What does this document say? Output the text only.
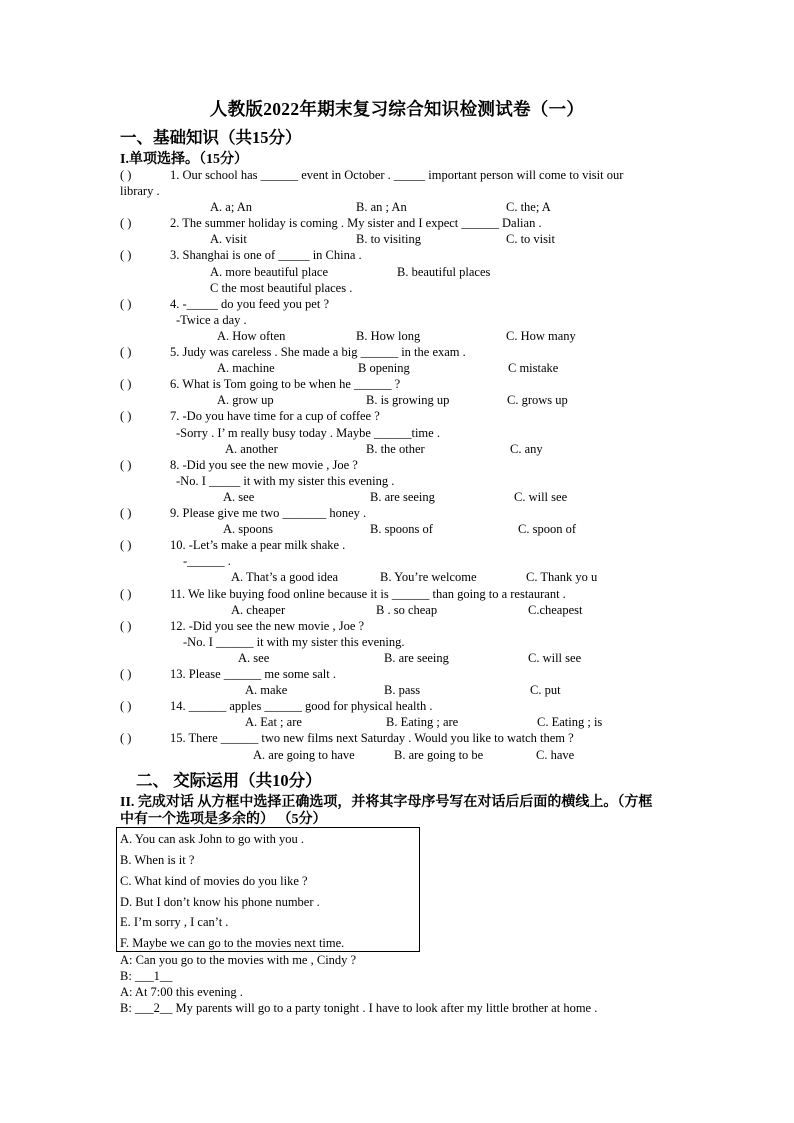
人教版2022年期末复习综合知识检测试卷（一）
一、基础知识（共15分）
I.单项选择。（15分）
( )	1. Our school has ______ event in October . _____ important person will come to visit our
library .
A. a; An	B. an ; An	C. the; A
( )	2. The summer holiday is coming . My sister and I expect ______ Dalian .
A. visit	B. to visiting	C. to visit
( )	3. Shanghai is one of _____ in China .
A. more beautiful place	B. beautiful places
C the most beautiful places .
( )	4. -_____ do you feed you pet ?
-Twice a day .
A. How often	B. How long	C. How many
( )	5. Judy was careless . She made a big ______ in the exam .
A. machine	B opening	C mistake
( )	6. What is Tom going to be when he ______ ?
A. grow up	B. is growing up	C. grows up
( )	7. -Do you have time for a cup of coffee ?
-Sorry . I’ m really busy today . Maybe ______time .
A. another	B. the other	C. any
( )	8. -Did you see the new movie , Joe ?
-No. I _____ it with my sister this evening .
A. see	B. are seeing	C. will see
( )	9. Please give me two _______ honey .
A. spoons	B. spoons of	C. spoon of
( )	10. -Let’s make a pear milk shake .
-______ .
A. That’s a good idea	B. You’re welcome	C. Thank yo u
( )	11. We like buying food online because it is ______ than going to a restaurant .
A. cheaper	B . so cheap	C.cheapest
( )	12. -Did you see the new movie , Joe ?
-No. I ______ it with my sister this evening.
A. see	B. are seeing	C. will see
( )	13. Please ______ me some salt .
A. make	B. pass	C. put
( )	14. ______ apples ______ good for physical health .
A. Eat ; are	B. Eating ; are	C. Eating ; is
( )	15. There ______ two new films next Saturday . Would you like to watch them ?
A. are going to have	B. are going to be	C. have
二、 交际运用（共10分）
II. 完成对话 从方框中选择正确选项，并将其字母序号写在对话后后面的横线上。（方框
中有一个选项是多余的） （5分）
A. You can ask John to go with you .
B. When is it ?
C. What kind of movies do you like ?
D. But I don’t know his phone number .
E. I’m sorry , I can’t .
F. Maybe we can go to the movies next time.
A: Can you go to the movies with me , Cindy ?
B: ___1__
A: At 7:00 this evening .
B: ___2__ My parents will go to a party tonight . I have to look after my little brother at home .
